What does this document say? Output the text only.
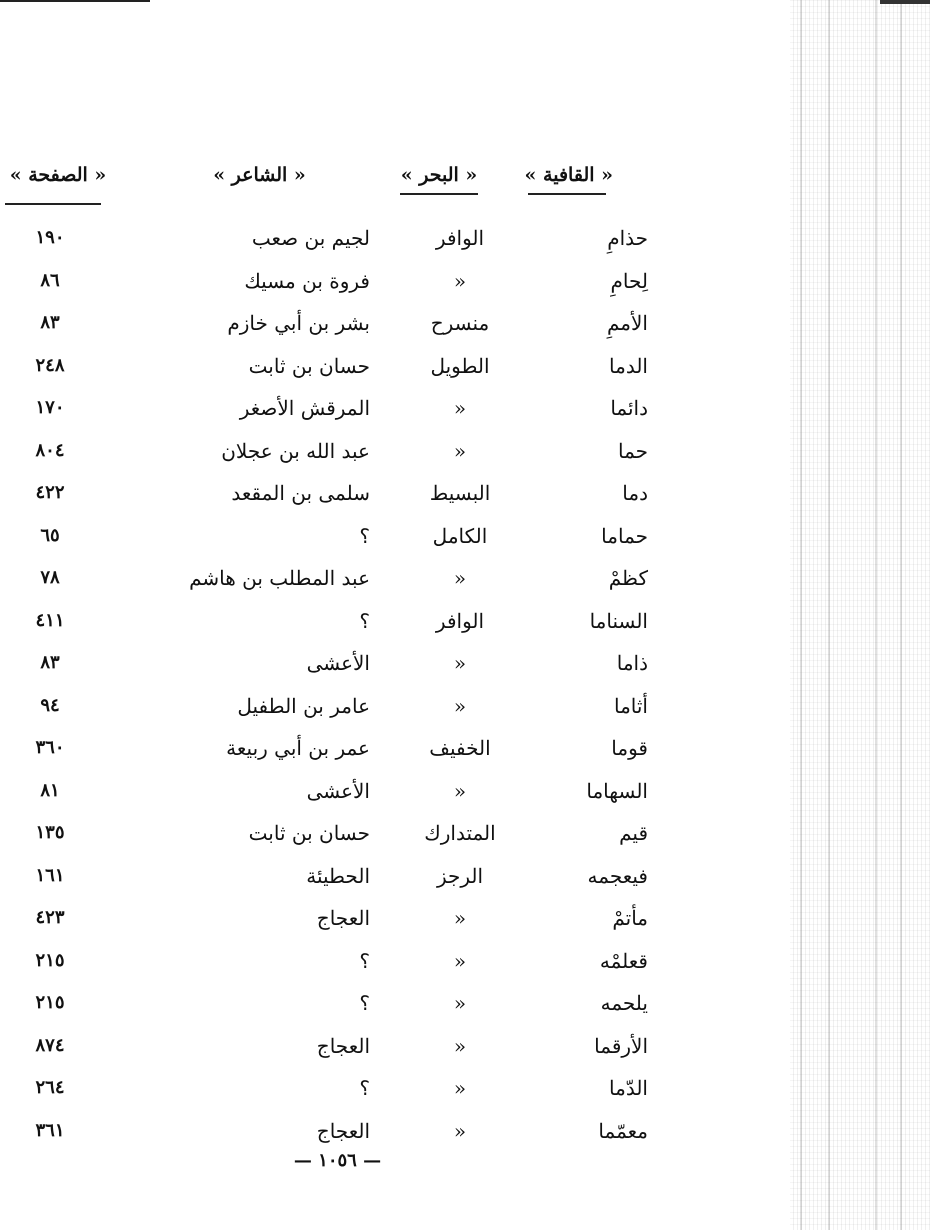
« القافية »
« البحر »
« الشاعر »
« الصفحة »
حذامِ
الوافر
لجيم بن صعب
١٩٠
لِحامِ
«
فروة بن مسيك
٨٦
الأممِ
منسرح
بشر بن أبي خازم
٨٣
الدما
الطويل
حسان بن ثابت
٢٤٨
دائما
«
المرقش الأصغر
١٧٠
حما
«
عبد الله بن عجلان
٨٠٤
دما
البسيط
سلمى بن المقعد
٤٢٢
حماما
الكامل
؟
٦٥
كظمْ
«
عبد المطلب بن هاشم
٧٨
السناما
الوافر
؟
٤١١
ذاما
«
الأعشى
٨٣
أثاما
«
عامر بن الطفيل
٩٤
قوما
الخفيف
عمر بن أبي ربيعة
٣٦٠
السهاما
«
الأعشى
٨١
قيم
المتدارك
حسان بن ثابت
١٣٥
فيعجمه
الرجز
الحطيئة
١٦١
مأتمْ
«
العجاج
٤٢٣
قعلمْه
«
؟
٢١٥
يلحمه
«
؟
٢١٥
الأرقما
«
العجاج
٨٧٤
الدّما
«
؟
٢٦٤
معمّما
«
العجاج
٣٦١
— ١٠٥٦ —
